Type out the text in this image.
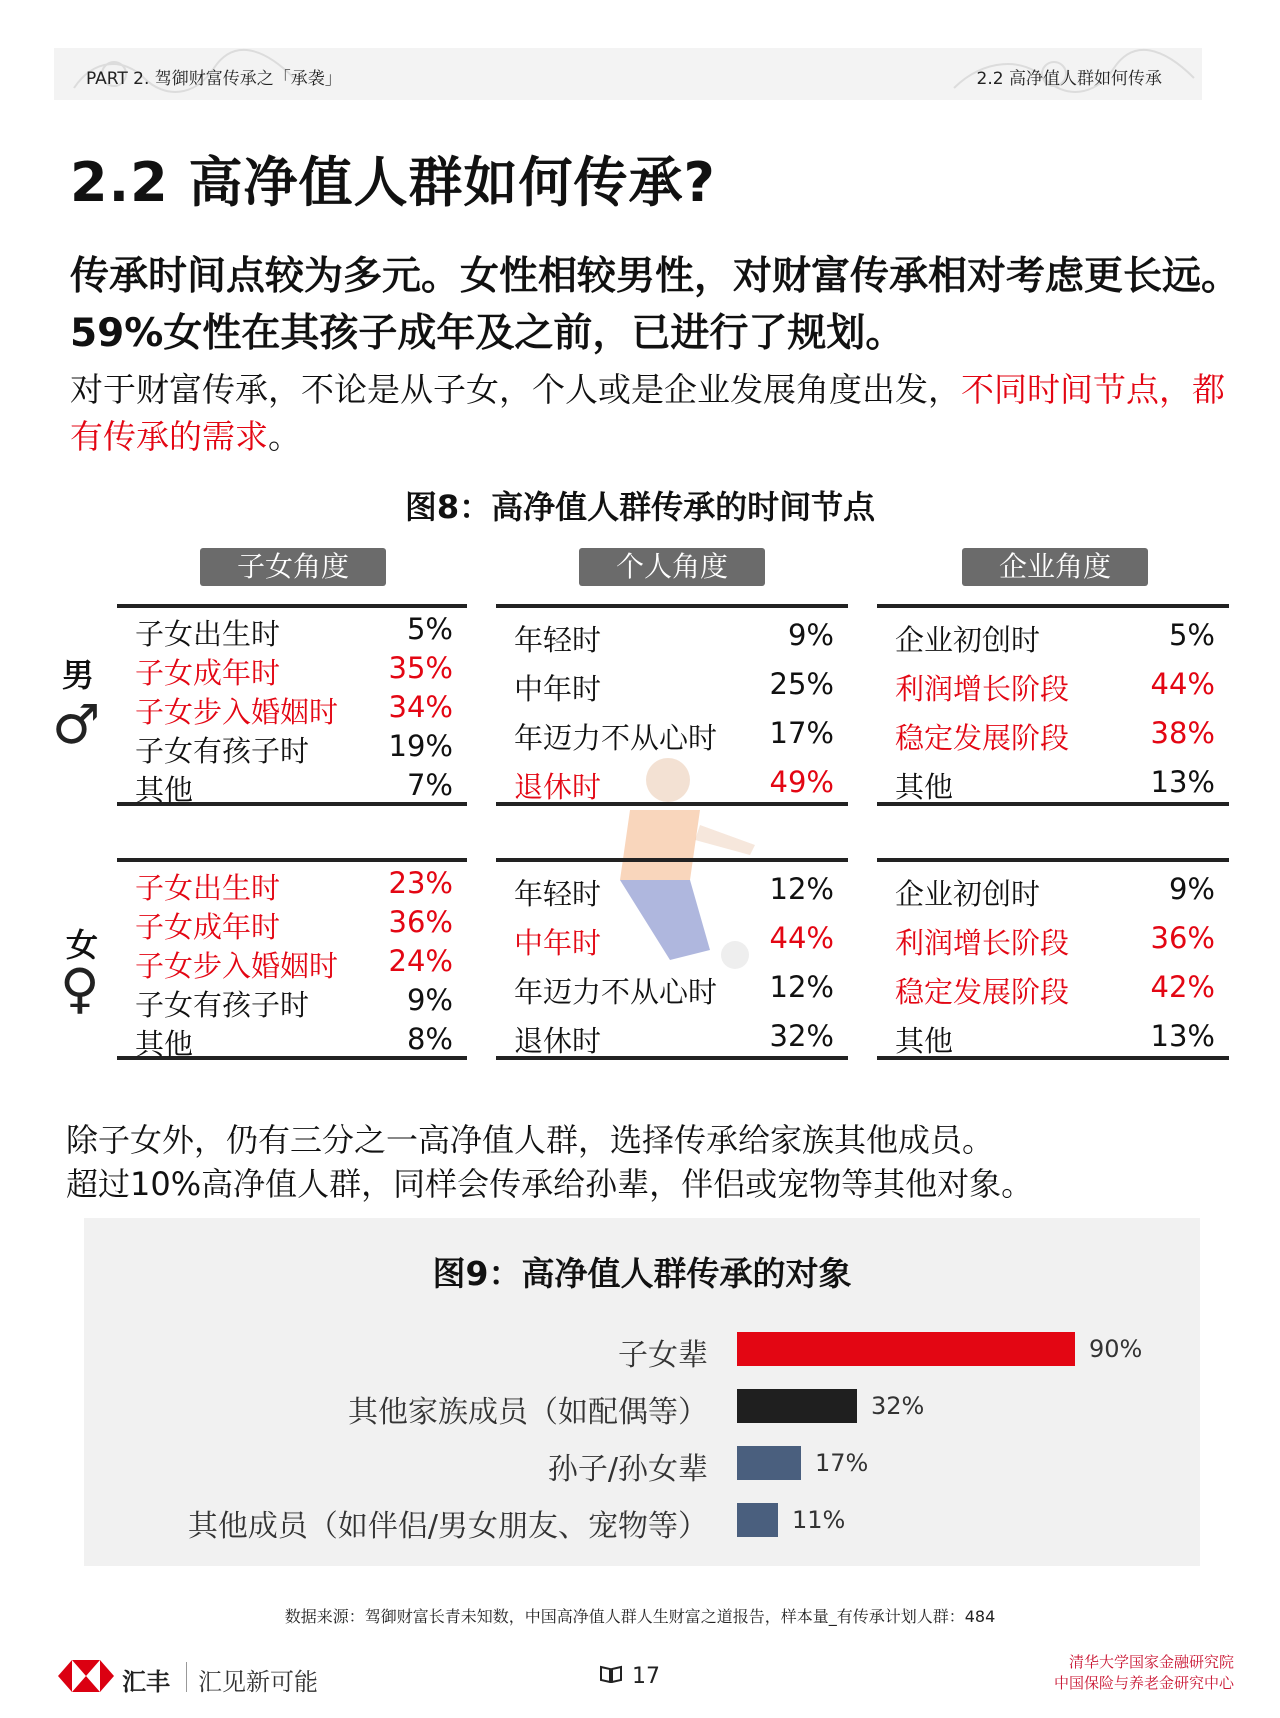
PART 2. 驾御财富传承之「承袭」	2.2 高净值人群如何传承
2.2 高净值人群如何传承?
传承时间点较为多元。女性相较男性，对财富传承相对考虑更长远。59%女性在其孩子成年及之前，已进行了规划。
对于财富传承，不论是从子女，个人或是企业发展角度出发，不同时间节点，都有传承的需求。
图8：高净值人群传承的时间节点
子女角度	个人角度	企业角度
男
♂
女
♀
子女出生时	5%
子女成年时	35%
子女步入婚姻时 34%
子女有孩子时	19%
其他	7%
年轻时	9%
中年时	25%
年迈力不从心时 17%
退休时	49%
企业初创时	5%
利润增长阶段	44%
稳定发展阶段	38%
其他	13%
子女出生时	23%
子女成年时	36%
子女步入婚姻时 24%
子女有孩子时	9%
其他	8%
年轻时	12%
中年时	44%
年迈力不从心时 12%
退休时	32%
企业初创时	9%
利润增长阶段	36%
稳定发展阶段	42%
其他	13%
除子女外，仍有三分之一高净值人群，选择传承给家族其他成员。
超过10%高净值人群，同样会传承给孙辈，伴侣或宠物等其他对象。
图9：高净值人群传承的对象
子女辈
其他家族成员（如配偶等）
孙子/孙女辈
其他成员（如伴侣/男女朋友、宠物等）
90%
32%
17%
11%
数据来源：驾御财富长青未知数，中国高净值人群人生财富之道报告，样本量_有传承计划人群：484
汇丰 汇见新可能	17
清华大学国家金融研究院
中国保险与养老金研究中心
